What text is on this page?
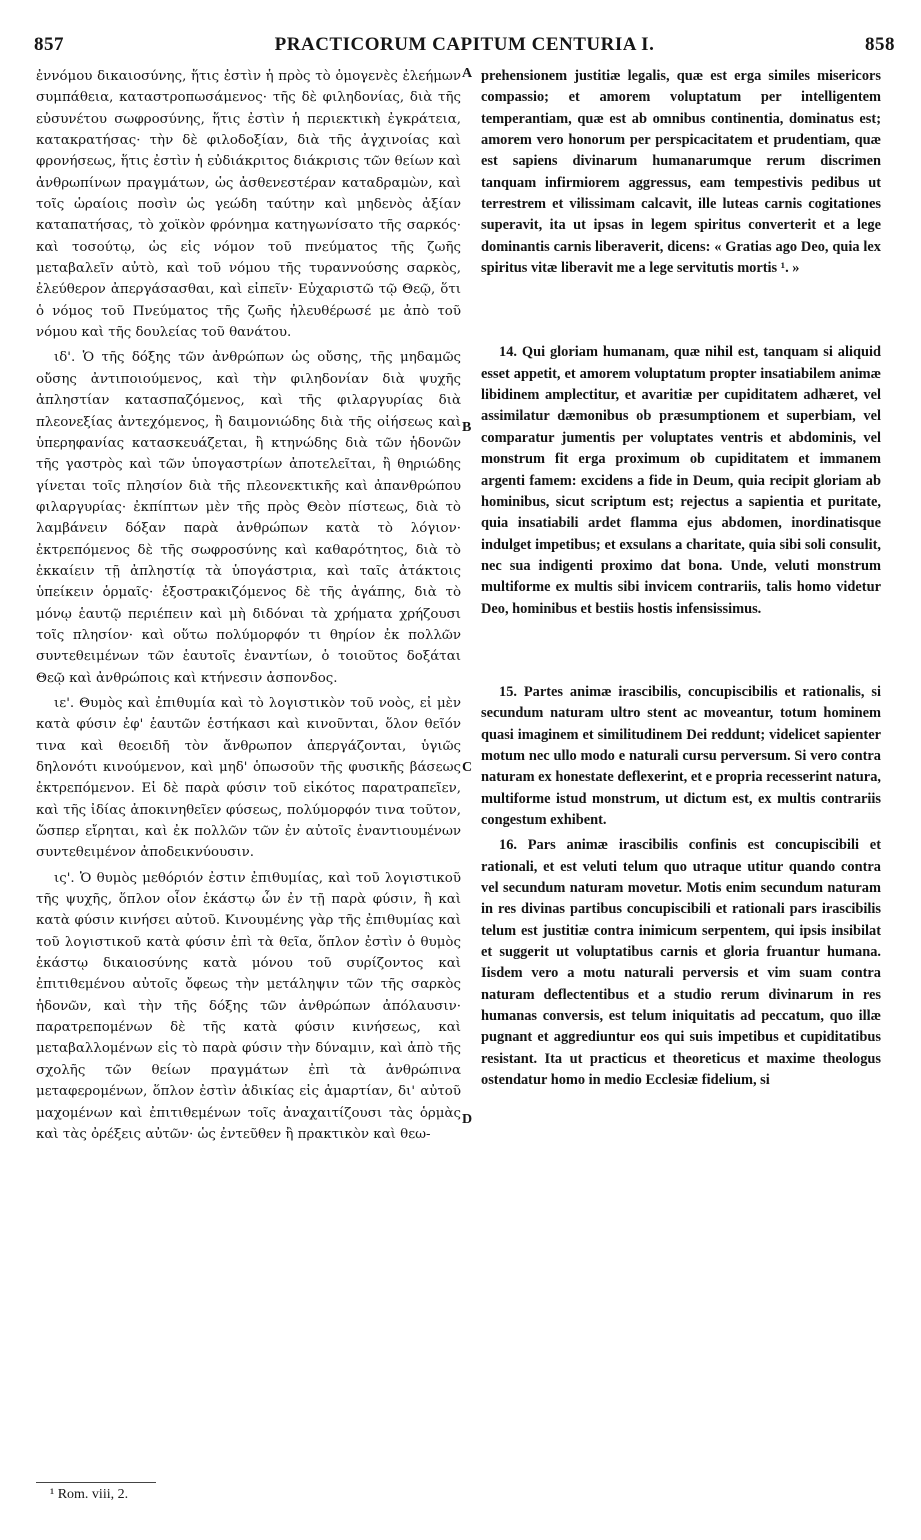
857	PRACTICORUM CAPITUM CENTURIA I.	858

ἐννόμου δικαιοσύνης, ἥτις ἐστὶν ἡ πρὸς τὸ ὁμογενὲς ἐλεήμων συμπάθεια, καταστροπωσάμενος· τῆς δὲ φιληδονίας, διὰ τῆς εὐσυνέτου σωφροσύνης, ἥτις ἐστὶν ἡ περιεκτικὴ ἐγκράτεια, κατακρατήσας· τὴν δὲ φιλοδοξίαν, διὰ τῆς ἀγχινοίας καὶ φρονήσεως, ἥτις ἐστὶν ἡ εὐδιάκριτος διάκρισις τῶν θείων καὶ ἀνθρωπίνων πραγμάτων, ὡς ἀσθενεστέραν καταδραμὼν, καὶ τοῖς ὡραίοις ποσὶν ὡς γεώδη ταύτην καὶ μηδενὸς ἀξίαν καταπατήσας, τὸ χοϊκὸν φρόνημα κατηγωνίσατο τῆς σαρκός· καὶ τοσούτῳ, ὡς εἰς νόμον τοῦ πνεύματος τῆς ζωῆς μεταβαλεῖν αὐτὸ, καὶ τοῦ νόμου τῆς τυραννούσης σαρκὸς, ἐλεύθερον ἀπεργάσασθαι, καὶ εἰπεῖν· Εὐχαριστῶ τῷ Θεῷ, ὅτι ὁ νόμος τοῦ Πνεύματος τῆς ζωῆς ἠλευθέρωσέ με ἀπὸ τοῦ νόμου καὶ τῆς δουλείας τοῦ θανάτου.

ιδ'. Ὁ τῆς δόξης τῶν ἀνθρώπων ὡς οὔσης, τῆς μηδαμῶς οὔσης ἀντιποιούμενος, καὶ τὴν φιληδονίαν διὰ ψυχῆς ἀπληστίαν κατασπαζόμενος, καὶ τῆς φιλαργυρίας διὰ πλεονεξίας ἀντεχόμενος, ἢ δαιμονιώδης διὰ τῆς οἰήσεως καὶ ὑπερηφανίας κατασκευάζεται, ἢ κτηνώδης διὰ τῶν ἡδονῶν τῆς γαστρὸς καὶ τῶν ὑπογαστρίων ἀποτελεῖται, ἢ θηριώδης γίνεται τοῖς πλησίον διὰ τῆς πλεονεκτικῆς καὶ ἀπανθρώπου φιλαργυρίας· ἐκπίπτων μὲν τῆς πρὸς Θεὸν πίστεως, διὰ τὸ λαμβάνειν δόξαν παρὰ ἀνθρώπων κατὰ τὸ λόγιον· ἐκτρεπόμενος δὲ τῆς σωφροσύνης καὶ καθαρότητος, διὰ τὸ ἐκκαίειν τῇ ἀπληστίᾳ τὰ ὑπογάστρια, καὶ ταῖς ἀτάκτοις ὑπείκειν ὁρμαῖς· ἐξοστρακιζόμενος δὲ τῆς ἀγάπης, διὰ τὸ μόνῳ ἑαυτῷ περιέπειν καὶ μὴ διδόναι τὰ χρήματα χρήζουσι τοῖς πλησίον· καὶ οὕτω πολύμορφόν τι θηρίον ἐκ πολλῶν συντεθειμένων τῶν ἑαυτοῖς ἐναντίων, ὁ τοιοῦτος δοξάται Θεῷ καὶ ἀνθρώποις καὶ κτήνεσιν ἀσπονδος.

ιε'. Θυμὸς καὶ ἐπιθυμία καὶ τὸ λογιστικὸν τοῦ νοὸς, εἰ μὲν κατὰ φύσιν ἐφ' ἑαυτῶν ἑστήκασι καὶ κινοῦνται, ὅλον θεῖόν τινα καὶ θεοειδῆ τὸν ἄνθρωπον ἀπεργάζονται, ὑγιῶς δηλονότι κινούμενον, καὶ μηδ' ὁπωσοῦν τῆς φυσικῆς βάσεως ἐκτρεπόμενον. Εἰ δὲ παρὰ φύσιν τοῦ εἰκότος παρατραπεῖεν, καὶ τῆς ἰδίας ἀποκινηθεῖεν φύσεως, πολύμορφόν τινα τοῦτον, ὥσπερ εἴρηται, καὶ ἐκ πολλῶν τῶν ἐν αὐτοῖς ἐναντιουμένων συντεθειμένον ἀποδεικνύουσιν.

ις'. Ὁ θυμὸς μεθόριόν ἐστιν ἐπιθυμίας, καὶ τοῦ λογιστικοῦ τῆς ψυχῆς, ὅπλον οἷον ἑκάστῳ ὧν ἐν τῇ παρὰ φύσιν, ἢ καὶ κατὰ φύσιν κινήσει αὐτοῦ. Κινουμένης γὰρ τῆς ἐπιθυμίας καὶ τοῦ λογιστικοῦ κατὰ φύσιν ἐπὶ τὰ θεῖα, ὅπλον ἐστὶν ὁ θυμὸς ἑκάστῳ δικαιοσύνης κατὰ μόνου τοῦ συρίζοντος καὶ ἐπιτιθεμένου αὐτοῖς ὄφεως τὴν μετάληψιν τῶν τῆς σαρκὸς ἡδονῶν, καὶ τὴν τῆς δόξης τῶν ἀνθρώπων ἀπόλαυσιν· παρατρεπομένων δὲ τῆς κατὰ φύσιν κινήσεως, καὶ μεταβαλλομένων εἰς τὸ παρὰ φύσιν τὴν δύναμιν, καὶ ἀπὸ τῆς σχολῆς τῶν θείων πραγμάτων ἐπὶ τὰ ἀνθρώπινα μεταφερομένων, ὅπλον ἐστὶν ἀδικίας εἰς ἁμαρτίαν, δι' αὐτοῦ μαχομένων καὶ ἐπιτιθεμένων τοῖς ἀναχαιτίζουσι τὰς ὁρμὰς καὶ τὰς ὀρέξεις αὐτῶν· ὡς ἐντεῦθεν ἢ πρακτικὸν καὶ θεω-

A
B
C
D

prehensionem justitiæ legalis, quæ est erga similes misericors compassio; et amorem voluptatum per intelligentem temperantiam, quæ est ab omnibus continentia, dominatus est; amorem vero honorum per perspicacitatem et prudentiam, quæ est sapiens divinarum humanarumque rerum discrimen tanquam infirmiorem aggressus, eam tempestivis pedibus ut terrestrem et vilissimam calcavit, ille luteas carnis cogitationes superavit, ita ut ipsas in legem spiritus converterit et a lege dominantis carnis liberaverit, dicens: « Gratias ago Deo, quia lex spiritus vitæ liberavit me a lege servitutis mortis ¹. »

14. Qui gloriam humanam, quæ nihil est, tanquam si aliquid esset appetit, et amorem voluptatum propter insatiabilem animæ libidinem amplectitur, et avaritiæ per cupiditatem adhæret, vel assimilatur dæmonibus ob præsumptionem et superbiam, vel comparatur jumentis per voluptates ventris et abdominis, vel monstrum fit erga proximum ob cupiditatem et immanem argenti famem: excidens a fide in Deum, quia recipit gloriam ab hominibus, sicut scriptum est; rejectus a sapientia et puritate, quia insatiabili ardet flamma ejus abdomen, inordinatisque indulget impetibus; et exsulans a charitate, quia sibi soli consulit, nec sua indigenti proximo dat bona. Unde, veluti monstrum multiforme ex multis sibi invicem contrariis, talis homo videtur Deo, hominibus et bestiis hostis infensissimus.

15. Partes animæ irascibilis, concupiscibilis et rationalis, si secundum naturam ultro stent ac moveantur, totum hominem quasi imaginem et similitudinem Dei reddunt; videlicet sapienter motum nec ullo modo e naturali cursu perversum. Si vero contra naturam ex honestate deflexerint, et e propria recesserint natura, multiforme istud monstrum, ut dictum est, ex multis contrariis congestum exhibent.

16. Pars animæ irascibilis confinis est concupiscibili et rationali, et est veluti telum quo utraque utitur quando contra vel secundum naturam movetur. Motis enim secundum naturam in res divinas partibus concupiscibili et rationali pars irascibilis telum est justitiæ contra inimicum serpentem, qui ipsis insibilat et suggerit ut voluptatibus carnis et gloria fruantur humana. Iisdem vero a motu naturali perversis et vim suam contra naturam deflectentibus et a studio rerum divinarum in res humanas conversis, est telum iniquitatis ad peccatum, quo illæ pugnant et aggrediuntur eos qui suis impetibus et cupiditatibus resistant. Ita ut practicus et theoreticus et maxime theologus ostendatur homo in medio Ecclesiæ fidelium, si

¹ Rom. viii, 2.
